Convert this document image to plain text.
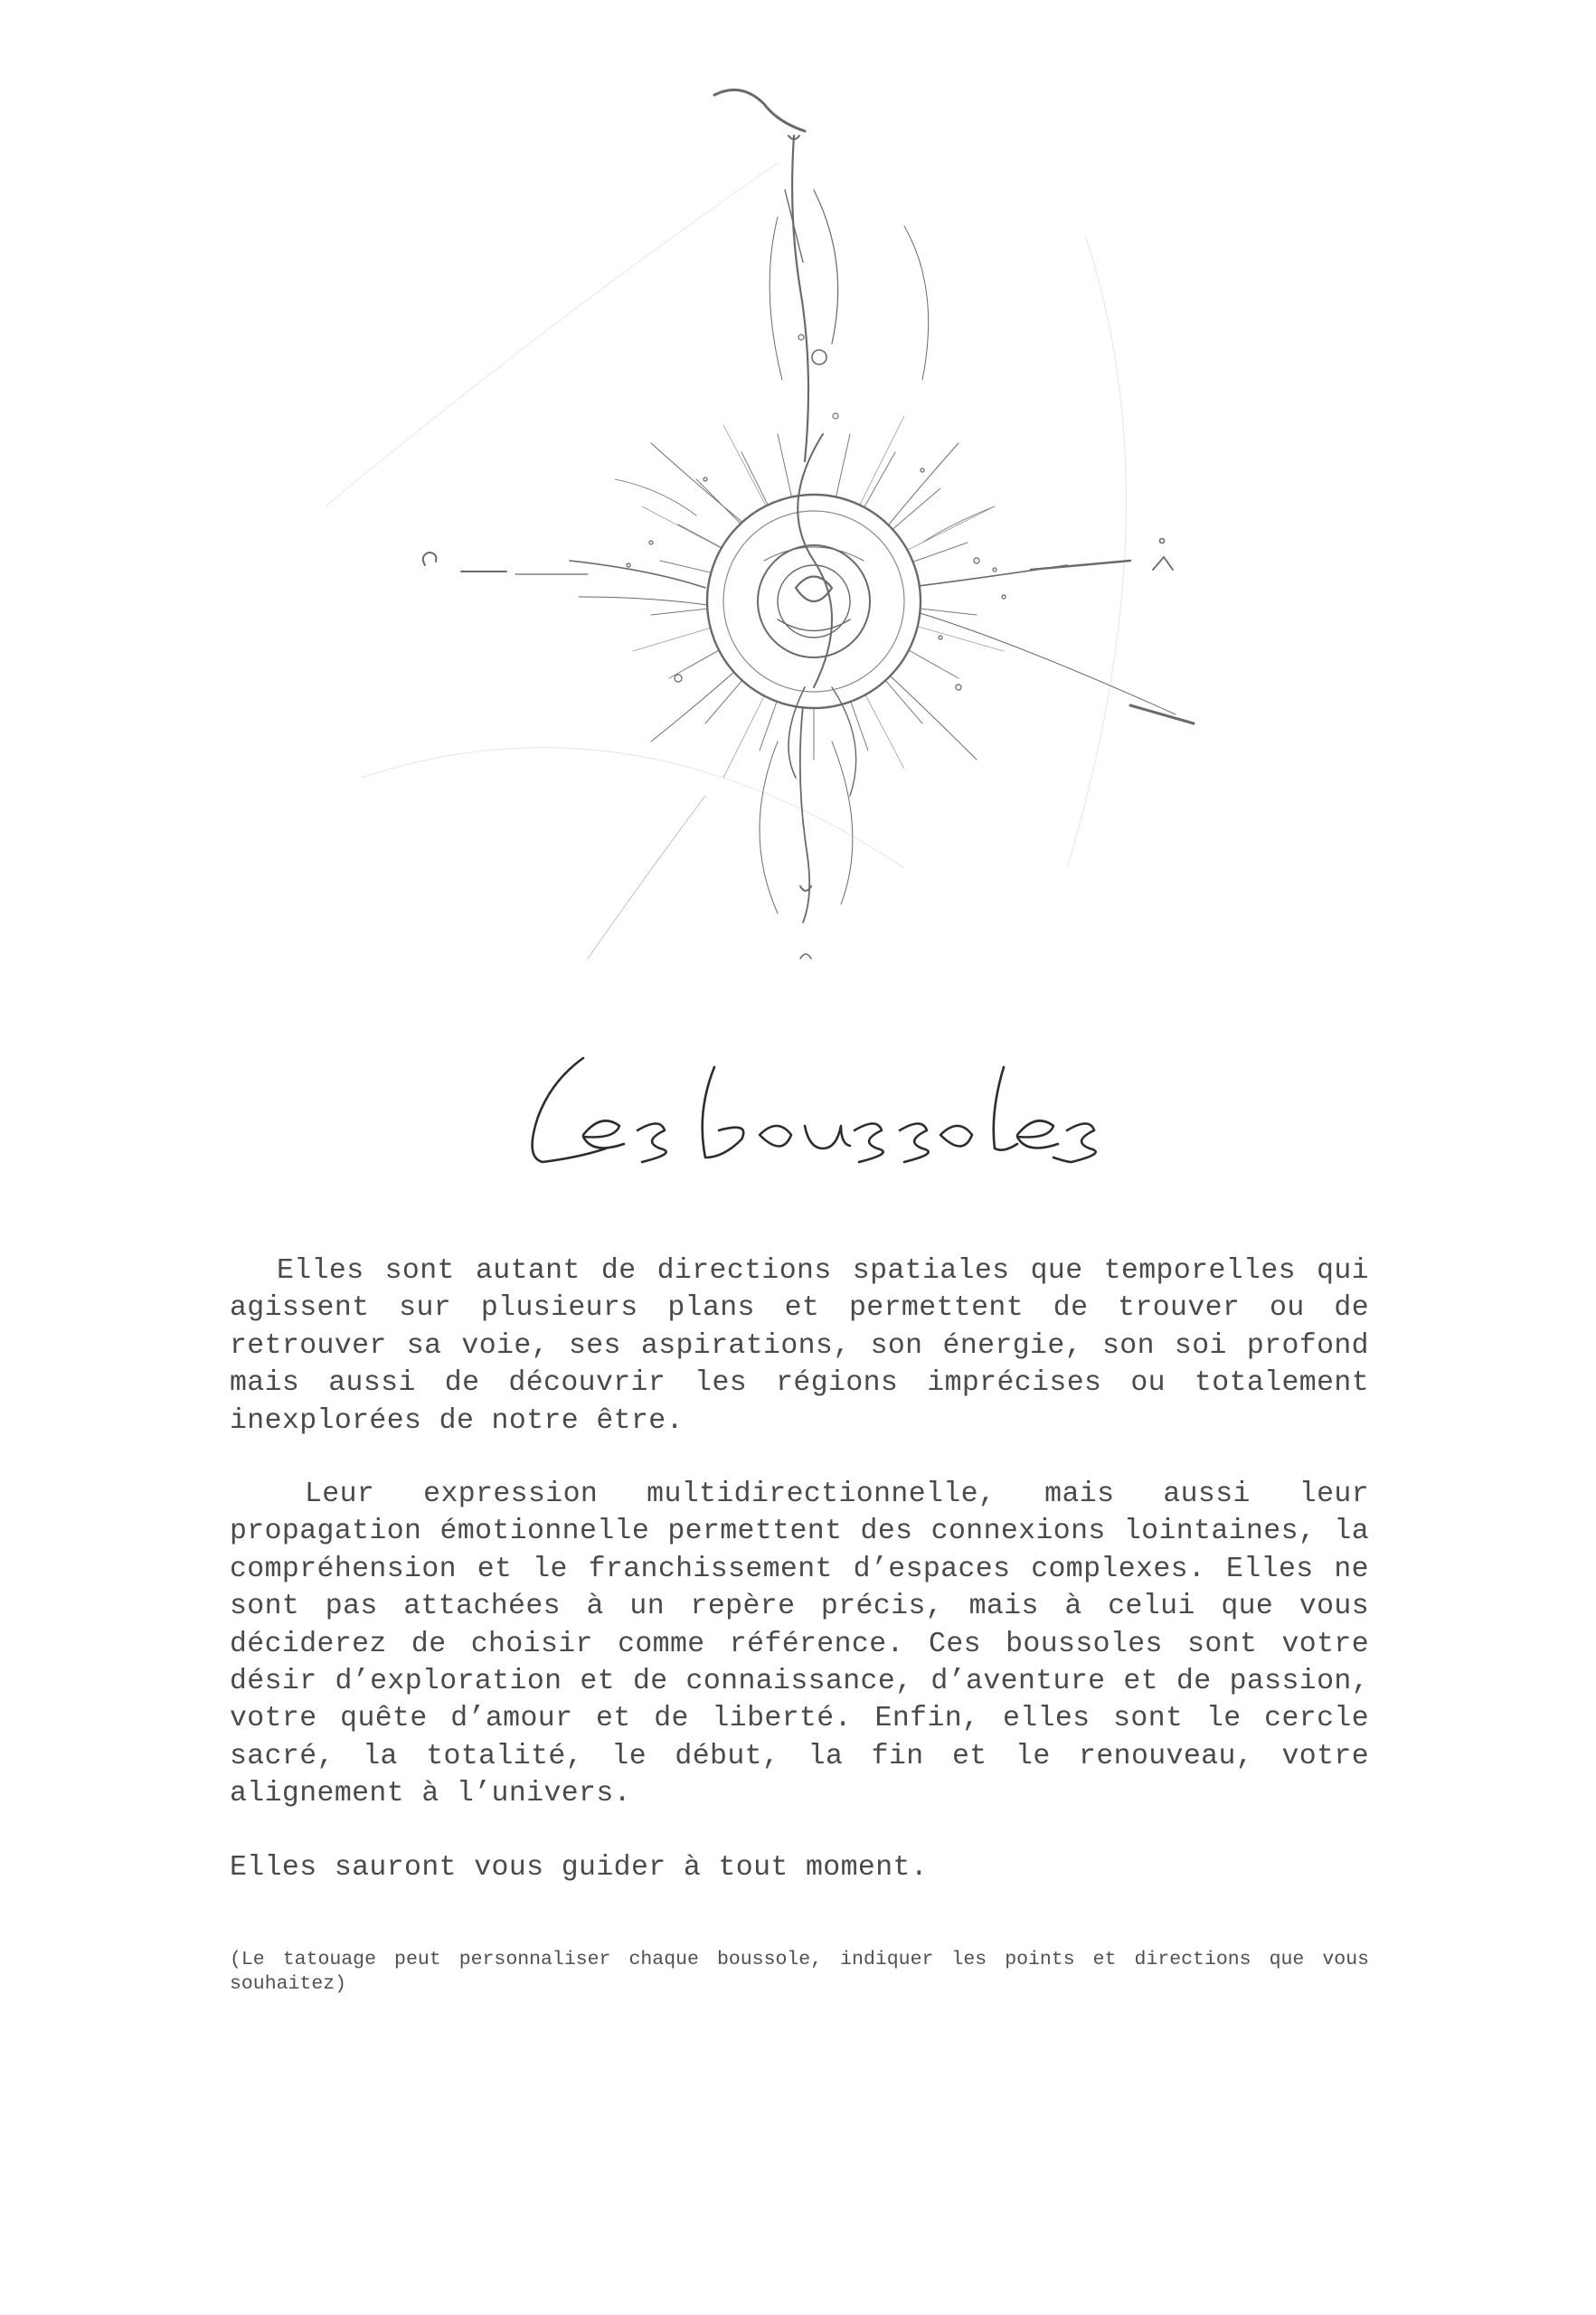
Elles sont autant de directions spatiales que temporelles qui agissent sur plusieurs plans et permettent de trouver ou de retrouver sa voie, ses aspirations, son énergie, son soi profond mais aussi de découvrir les régions imprécises ou totalement inexplorées de notre être.

Leur expression multidirectionnelle, mais aussi leur propagation émotionnelle permettent des connexions lointaines, la compréhension et le franchissement d’espaces complexes. Elles ne sont pas attachées à un repère précis, mais à celui que vous déciderez de choisir comme référence. Ces boussoles sont votre désir d’exploration et de connaissance, d’aventure et de passion, votre quête d’amour et de liberté. Enfin, elles sont le cercle sacré, la totalité, le début, la fin et le renouveau, votre alignement à l’univers.

Elles sauront vous guider à tout moment.

(Le tatouage peut personnaliser chaque boussole, indiquer les points et directions que vous souhaitez)
